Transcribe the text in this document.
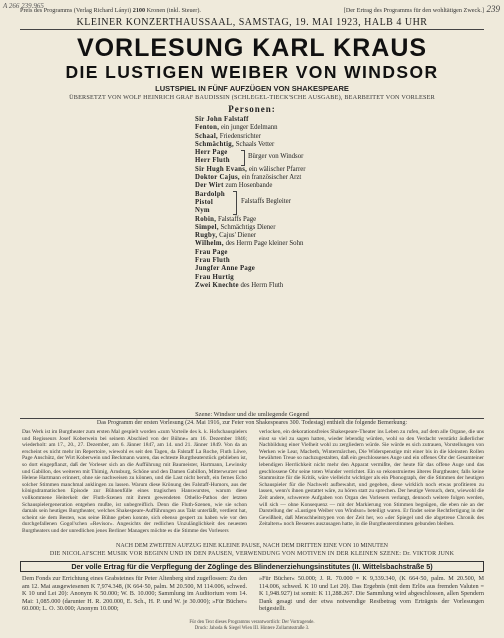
A 266 239.965	239
Preis des Programms (Verlag Richard Lányi) 2100 Kronen (inkl. Steuer).	[Der Ertrag des Programms für den wohltätigen Zweck.]
KLEINER KONZERTHAUSSAAL, SAMSTAG, 19. MAI 1923, HALB 4 UHR
VORLESUNG KARL KRAUS
DIE LUSTIGEN WEIBER VON WINDSOR
LUSTSPIEL IN FÜNF AUFZÜGEN VON SHAKESPEARE
ÜBERSETZT VON WOLF HEINRICH GRAF BAUDISSIN (SCHLEGEL-TIECK'SCHE AUSGABE), BEARBEITET VON VORLESER
Personen:
Sir John Falstaff
Fenton, ein junger Edelmann
Schaal, Friedensrichter
Schmächtig, Schaals Vetter
Herr Page
Herr Fluth
Sir Hugh Evans, ein wälischer Pfarrer
Doktor Cajus, ein französischer Arzt
Der Wirt zum Hosenbande
Bardolph
Pistol
Nym
Robin, Falstaffs Page
Simpel, Schmächtigs Diener
Rugby, Cajus' Diener
Wilhelm, des Herrn Page kleiner Sohn
Frau Page
Frau Fluth
Jungfer Anne Page
Frau Hurtig
Zwei Knechte des Herrn Fluth
Bürger von Windsor
Falstaffs Begleiter
Szene: Windsor und die umliegende Gegend
Das Programm der ersten Vorlesung (24. Mai 1916, zur Feier von Shakespeares 300. Todestag) enthielt die folgende Bemerkung:
Das Werk ist im Burgtheater zum ersten Mal gespielt worden »zum Vorteile des k. k. Hofschauspielers und Regisseurs Josef Koberwein bei seinem Abschied von der Bühne« am 16. Dezember 1846; wiederholt: am 17., 20., 27. Dezember, am 6. Jänner 1847, am 14. und 21. Jänner 1849. Von da an erscheint es nicht mehr im Repertoire, wiewohl es seit den Tagen, da Falstaff La Roche, Fluth Löwe, Page Anschütz, der Wirt Koberwein und Beckmann waren, das echteste Burgtheaterstück geblieben ist, so dort eingepflanzt, daß der Vorleser sich an die Aufführung mit Baumeister, Hartmann, Lewinsky und Gabillon, des weiteren mit Thimig, Arnsburg, Schöne und den Damen Gabillon, Mitterwurzer und Helene Hartmann erinnert, ohne sie nachweisen zu können, und die Last nicht beruft, ein fernes Echo solcher Stimmen manchmal anklingen zu lassen. Warum diese Krönung des Falstaff-Humors, aus der königsdramatischen Episode zur Bühnenfülle eines tragischen Hanswurstes, warum diese vollkommene Heiterkeit der Fluth-Szenen mit ihrem gewendeten Othello-Pathos der letzten Schauspielergeneration entgehen mußte, ist unbegreiflich. Denn die Fluth-Szenen, wie sie schon damals sein heutiges Burgtheater, welches Shakespeare-Aufführungen aus Takt unterläßt, verdient hat, scheint sie dem Besten, was seine Bühne geben konnte, sich ebenso gespert zu haben wie vor den durchgefallenen Gogol'schen »Revisor«. Angesichts der redlichen Unzulänglichkeit des neuesten Burgtheaters und der unredlichen jenes Berliner Managers möchte es die Stimme des Vorlesers
verlocken, ein dekorationsfreies Shakespeare-Theater ins Leben zu rufen, auf dem alle Organe, die uns einst so viel zu sagen hatten, wieder lebendig würden, wohl so den Verdacht verstärkt äußerlicher Nachbildung einer Vielheit wohl zu zergliedern würde. Sie würde es sich zutrauen, Vorstellungen von Werken wie Lear, Macbeth, Wintermärchen, Die Widerspenstige mit einer bis in die kleinsten Rollen bewährten Treue so nachzugestalten, daß ein geschlossenes Auge und ein offenes Ohr der Gesamteiner lebendigen Herrlichkeit nicht mehr den Apparat vermißte, der heute für das offene Auge und das geschlossene Ohr seine toten Wunder verrichtet. Ein so rekonstruiertes älteres Burgtheater, falls keine Stammsitze für die Kritik, wäre vielleicht wichtiger als ein Phonograph, der die Stimmen der heutigen Schauspieler für die Nachwelt aufbewahrt, und gegeben, diese wirklich noch etwas profitieren zu lassen, wenn's ihnen gestattet wäre, zu hören statt zu sprechen. Der heutige Versuch, dem, wiewohl die Zeit andere, schwerere Aufgaben von Organ des Vorlesers verlangt, dennoch weitere folgen werden, will sich — ohne Konsequenz — mit der Markierung von Stimmen begnügen, die eben nie an der Darstellung der »Lustigen Weiber von Windsor« beteiligt waren. Er findet seine Rechtfertigung in der Gewißheit, daß Menschheitstypen von der Zeit her, wo »der Spiegel und die abgetreue Chronik des Zeitalters« noch Besseres auszusagen hatte, in die Burgtheaterstimmen gebunden bleiben.
NACH DEM ZWEITEN AUFZUG EINE KLEINE PAUSE, NACH DEM DRITTEN EINE VON 10 MINUTEN
DIE NICOLAI'SCHE MUSIK VOR BEGINN UND IN DEN PAUSEN, VERWENDUNG VON MOTIVEN IN DER KLEINEN SZENE: Dr. VIKTOR JUNK
Der volle Ertrag für die Verpflegung der Zöglinge des Blindenerziehungsinstitutes (II. Wittelsbachstraße 5)
Dem Fonds zur Errichtung eines Grabsteines für Peter Altenberg sind zugeflossen: Zu den am 12. Mai ausgewiesenen K 7,974.348, (K 664·50, palm. M 20.500, M 114.006, schwed. K 10 und Lei 20): Anonym K 50.000; W. B. 10.000; Sammlung im Auditorium vom 14. Mai: 1,085.000 (darunter H. R. 200.000, E. Sch., H. P. und W. je 30.000); »Für Bücher« 60.000; L. O. 30.000; Anonym 10.000;
»Für Bücher« 50.000; J. R. 70.000 = K 9,339.340, (K 664·50, palm. M 20.500, M 114.006, schwed. K 10 und Lei 20). Das Ergebnis (mit dem Erlös aus fremden Valuten = K 1,948.927) ist somit: K 11,288.267. Die Sammlung wird abgeschlossen, allen Spendern Dank gesagt und der etwa notwendige Restbetrag vom Erträgnis der Vorlesungen beigestellt.
Für den Text dieses Programms verantwortlich: Der Vortragende.
Druck: Jahoda & Siegel Wien III. Hintere Zollamtsstraße 3.
